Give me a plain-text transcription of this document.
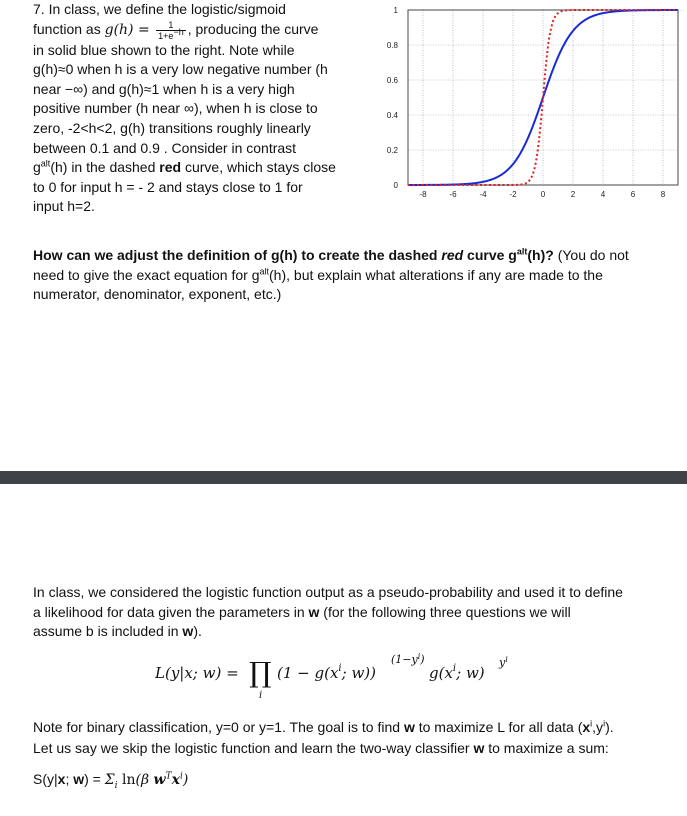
7. In class, we define the logistic/sigmoid

function as $g(h) = \frac{1}{1+e^{-h}}$ , producing the curve

in solid blue shown to the right. Note while

g(h)≈0 when h is a very low negative number (h

near −∞) and g(h)≈1 when h is a very high

positive number (h near ∞), when h is close to

zero, -2<h<2, g(h) transitions roughly linearly

between 0.1 and 0.9 . Consider in contrast

$g^{alt}(h)$ in the dashed red curve, which stays close

to 0 for input h = - 2 and stays close to 1 for

input h=2.

-8	-6	-4	-2	0	2	4	6	8
0
0.2
0.4
0.6
0.8
1

How can we adjust the definition of g(h) to create the dashed red curve $g^{alt}(h)$? (You do not

need to give the exact equation for $g^{alt}(h)$, but explain what alterations if any are made to the

numerator, denominator, exponent, etc.)

In class, we considered the logistic function output as a pseudo-probability and used it to define

a likelihood for data given the parameters in w (for the following three questions we will

assume b is included in w).

L(y|x; w) = ∏
i
($1 - g(x^i$; w))
$(1-y^i)$
$g(x^i$; w)
$y^i$

Note for binary classification, y=0 or y=1. The goal is to find w to maximize L for all data $(x^i,y^i)$.

Let us say we skip the logistic function and learn the two-way classifier w to maximize a sum:

S(y|x; $w) = \Sigma_i$ ln(β $w^Tx^i$)
